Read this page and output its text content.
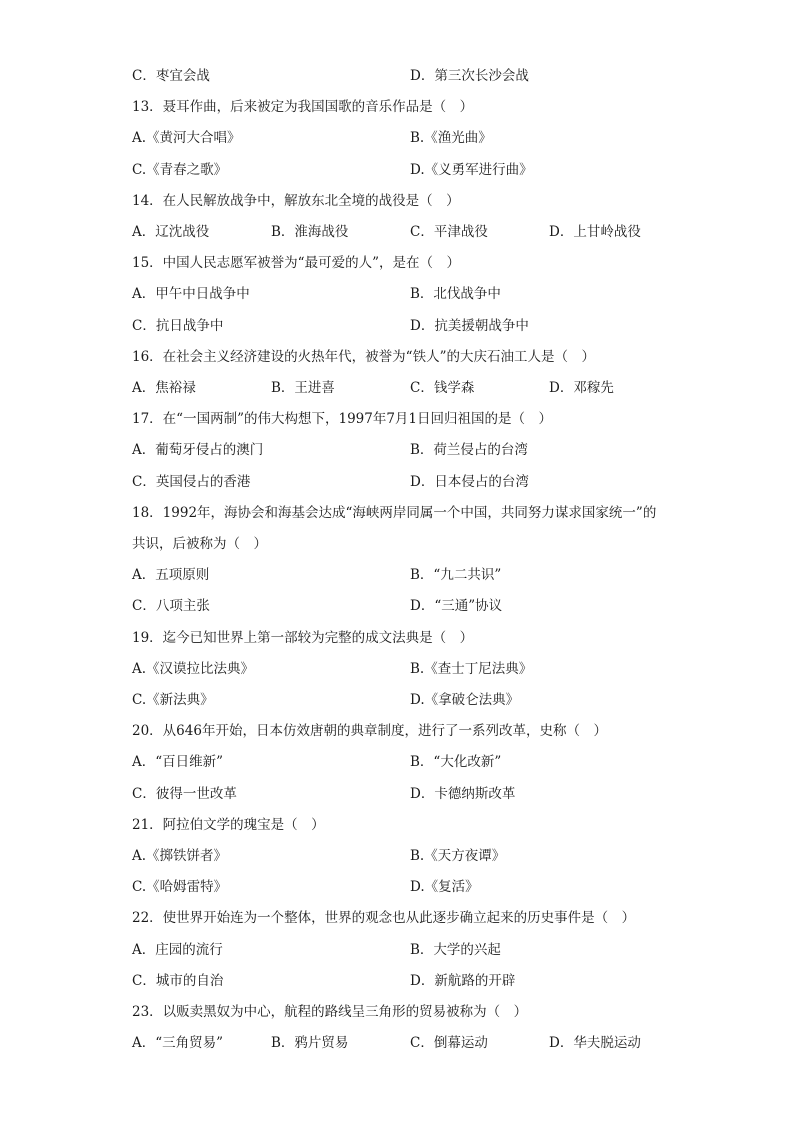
C．枣宜会战	D．第三次长沙会战
13．聂耳作曲，后来被定为我国国歌的音乐作品是（　）
A.《黄河大合唱》	B.《渔光曲》
C.《青春之歌》	D.《义勇军进行曲》
14．在人民解放战争中，解放东北全境的战役是（　）
A．辽沈战役	B．淮海战役	C．平津战役	D．上甘岭战役
15．中国人民志愿军被誉为“最可爱的人”，是在（　）
A．甲午中日战争中	B．北伐战争中
C．抗日战争中	D．抗美援朝战争中
16．在社会主义经济建设的火热年代，被誉为“铁人”的大庆石油工人是（　）
A．焦裕禄	B．王进喜	C．钱学森	D．邓稼先
17．在“一国两制”的伟大构想下，1997年7月1日回归祖国的是（　）
A．葡萄牙侵占的澳门	B．荷兰侵占的台湾
C．英国侵占的香港	D．日本侵占的台湾
18．1992年，海协会和海基会达成“海峡两岸同属一个中国，共同努力谋求国家统一”的
共识，后被称为（　）
A．五项原则	B．“九二共识”
C．八项主张	D．“三通”协议
19．迄今已知世界上第一部较为完整的成文法典是（　）
A.《汉谟拉比法典》	B.《查士丁尼法典》
C.《新法典》	D.《拿破仑法典》
20．从646年开始，日本仿效唐朝的典章制度，进行了一系列改革，史称（　）
A．“百日维新”	B．“大化改新”
C．彼得一世改革	D．卡德纳斯改革
21．阿拉伯文学的瑰宝是（　）
A.《掷铁饼者》	B.《天方夜谭》
C.《哈姆雷特》	D.《复活》
22．使世界开始连为一个整体，世界的观念也从此逐步确立起来的历史事件是（　）
A．庄园的流行	B．大学的兴起
C．城市的自治	D．新航路的开辟
23．以贩卖黑奴为中心，航程的路线呈三角形的贸易被称为（　）
A．“三角贸易”	B．鸦片贸易	C．倒幕运动	D．华夫脱运动
